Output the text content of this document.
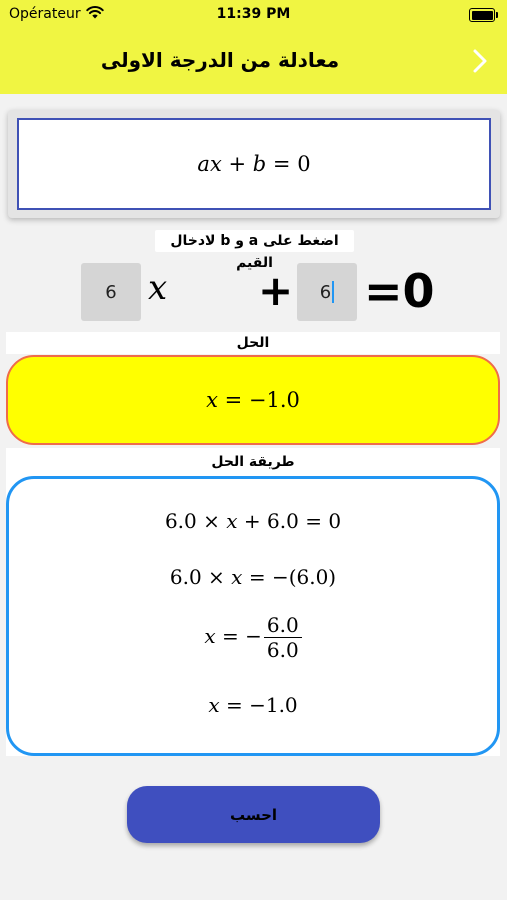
Opérateur	11:39 PM
معادلة من الدرجة الاولى
a x
+
b
=
0
اضغط على a و b لادخال القيم
6 x + 6 =0
الحل
x
=
−1.0
طريقة الحل
6.0 × x + 6.0 = 0
6.0 × x = −(6.0)
x = − $\frac{6.0}{6.0}$
x = −1.0
احسب
